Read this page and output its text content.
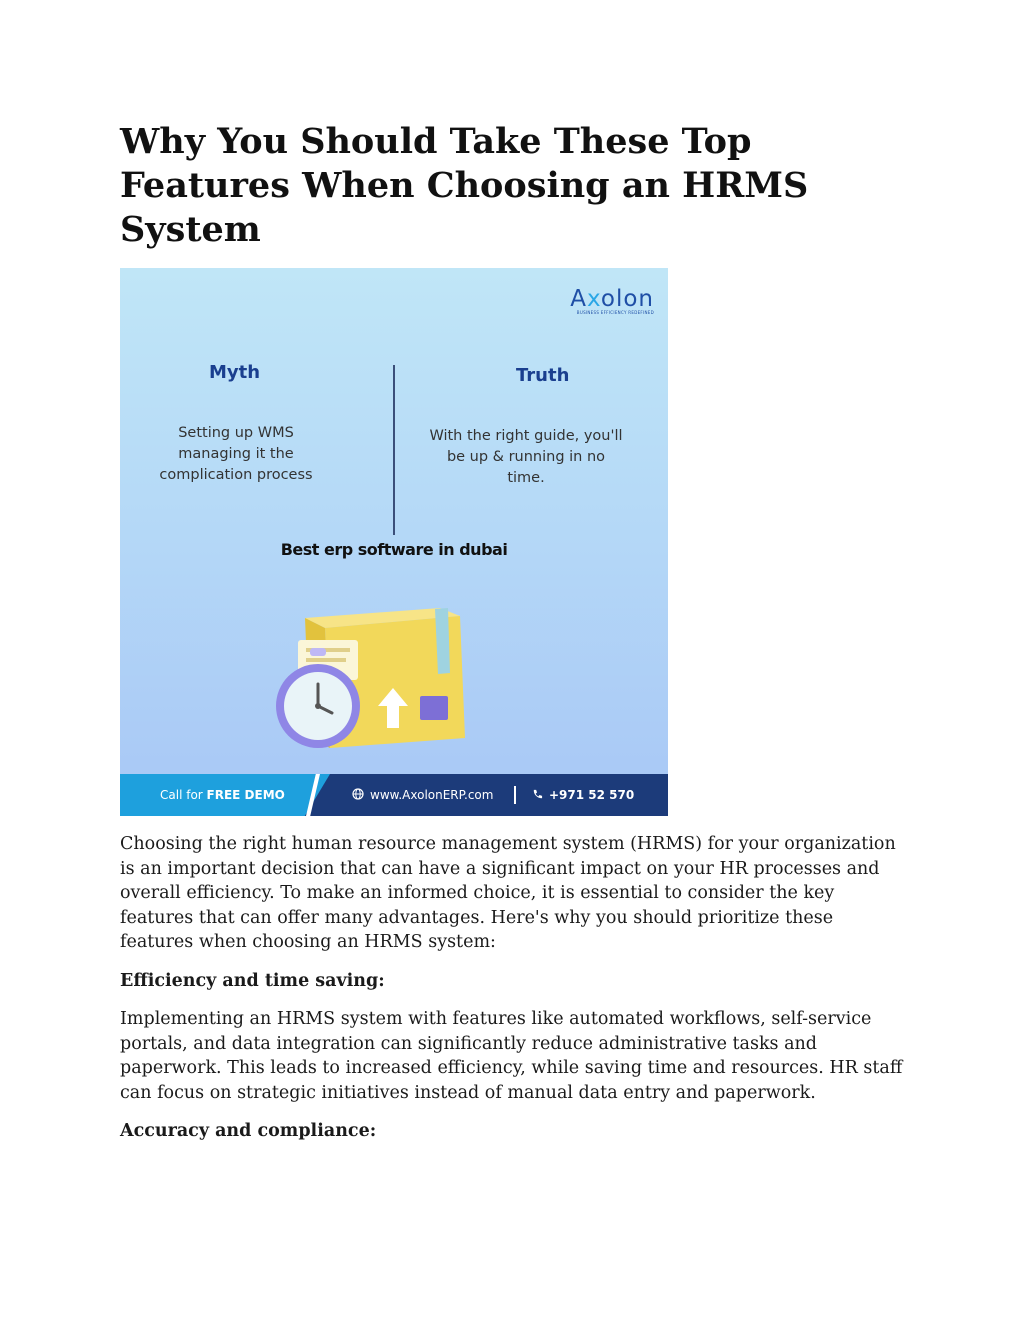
Why You Should Take These Top Features When Choosing an HRMS System
Axolon
BUSINESS EFFICIENCY REDEFINED
Myth
Setting up WMS managing it the complication process
Truth
With the right guide, you'll be up & running in no time.
Best erp software in dubai
Call for FREE DEMO	www.AxolonERP.com	+971 52 570

Choosing the right human resource management system (HRMS) for your organization is an important decision that can have a significant impact on your HR processes and overall efficiency. To make an informed choice, it is essential to consider the key features that can offer many advantages. Here's why you should prioritize these features when choosing an HRMS system:

Efficiency and time saving:

Implementing an HRMS system with features like automated workflows, self-service portals, and data integration can significantly reduce administrative tasks and paperwork. This leads to increased efficiency, while saving time and resources. HR staff can focus on strategic initiatives instead of manual data entry and paperwork.

Accuracy and compliance:
